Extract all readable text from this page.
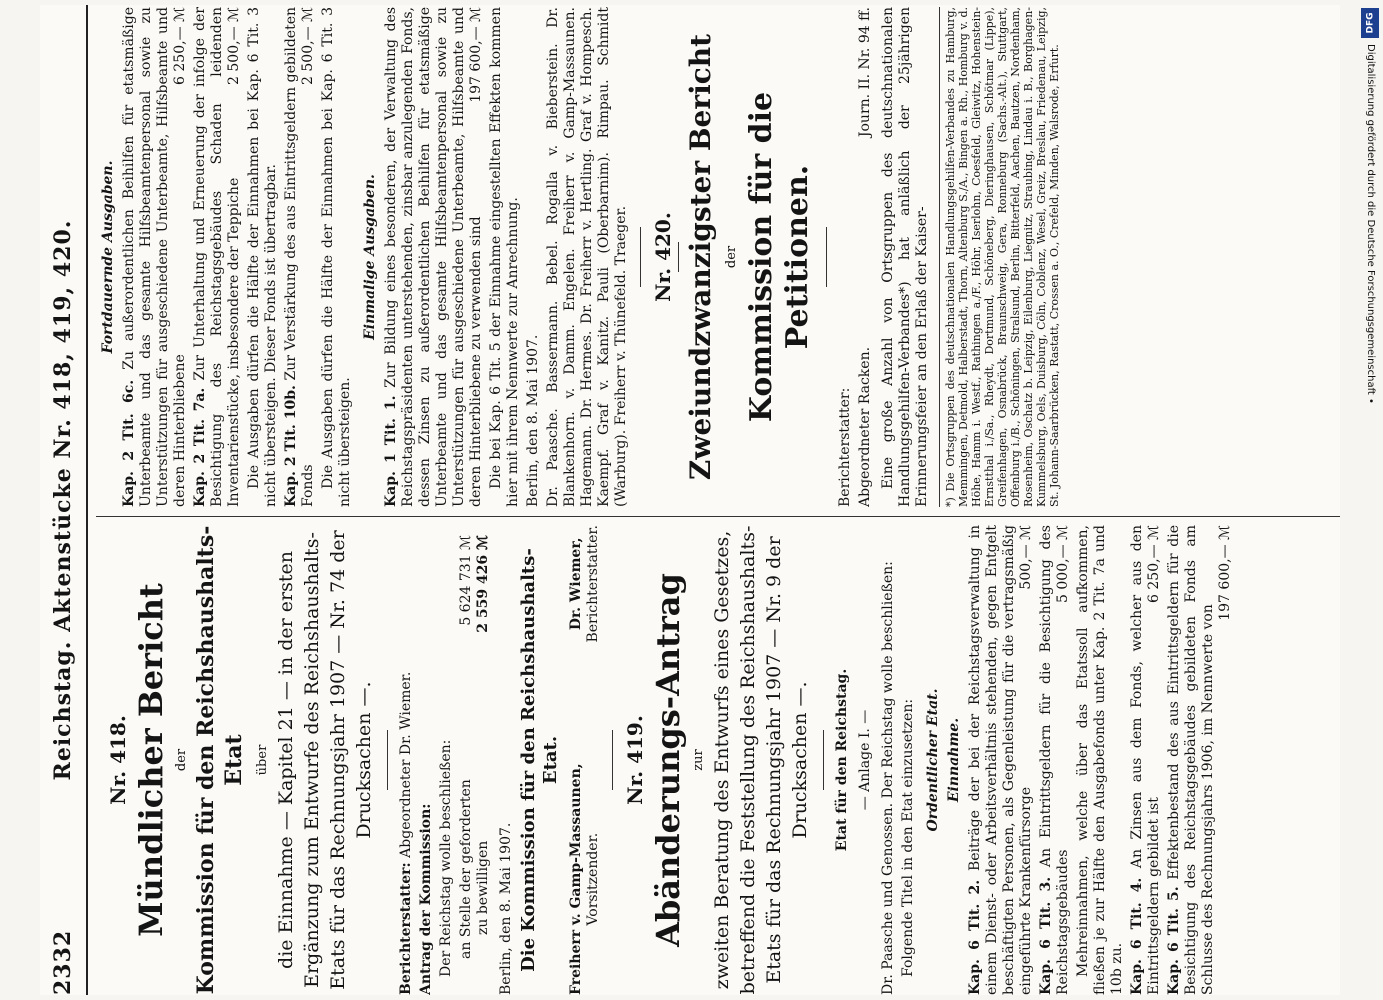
2332
Reichstag. Aktenstücke Nr. 418, 419, 420. Nr. 418. Mündlicher Bericht der Kommission für den Reichshaushalts-Etat über die Einnahme — Kapitel 21 — in der ersten Ergänzung zum Entwurfe des Reichshaushalts-Etats für das Rechnungsjahr 1907 — Nr. 74 der Drucksachen —.
Berichterstatter: Abgeordneter Dr. Wiemer.
Antrag der Kommission: Der Reichstag wolle beschließen: an Stelle der geforderten
5 624 731 ℳ
zu bewilligen
2 559 426 ℳ
Berlin, den 8. Mai 1907. Die Kommission für den Reichshaushalts-Etat.
Freiherr v. Gamp-Massaunen, Vorsitzender.
Dr. Wiemer, Berichterstatter.
Nr. 419. Abänderungs-Antrag zur zweiten Beratung des Entwurfs eines Gesetzes, betreffend die Feststellung des Reichshaushalts-Etats für das Rechnungsjahr 1907 — Nr. 9 der Drucksachen —. Etat für den Reichstag. — Anlage I. — Dr. Paasche und Genossen. Der Reichstag wolle beschließen: Folgende Titel in den Etat einzusetzen: Ordentlicher Etat. Einnahme.
Kap. 6 Tit. 2. Beiträge der bei der Reichstagsverwaltung in einem Dienst- oder Arbeitsverhältnis stehenden, gegen Entgelt beschäftigten Personen, als Gegenleistung für die vertragsmäßig eingeführte Krankenfürsorge
500,— ℳ
Kap. 6 Tit. 3. An Eintrittsgeldern für die Besichtigung des Reichstagsgebäudes
5 000,— ℳ Mehreinnahmen, welche über das Etatssoll aufkommen, fließen je zur Hälfte den Ausgabefonds unter Kap. 2 Tit. 7a und 10b zu. Kap. 6 Tit. 4. An Zinsen aus dem Fonds, welcher aus den Eintrittsgeldern gebildet ist
6 250,— ℳ
Kap. 6 Tit. 5. Effektenbestand des aus Eintrittsgeldern für die Besichtigung des Reichstagsgebäudes gebildeten Fonds am Schlusse des Rechnungsjahrs 1906, im Nennwerte von
197 600,— ℳ
Fortdauernde Ausgaben.
Kap. 2 Tit. 6c. Zu außerordentlichen Beihilfen für etatsmäßige Unterbeamte und das gesamte Hilfsbeamtenpersonal sowie zu Unterstützungen für ausgeschiedene Unterbeamte, Hilfsbeamte und deren Hinterbliebene
6 250,— ℳ
Kap. 2 Tit. 7a. Zur Unterhaltung und Erneuerung der infolge der Besichtigung des Reichstagsgebäudes Schaden leidenden Inventarienstücke, insbesondere der Teppiche
2 500,— ℳ Die Ausgaben dürfen die Hälfte der Einnahmen bei Kap. 6 Tit. 3 nicht übersteigen. Dieser Fonds ist übertragbar. Kap. 2 Tit. 10b. Zur Verstärkung des aus Eintrittsgeldern gebildeten Fonds
2 500,— ℳ Die Ausgaben dürfen die Hälfte der Einnahmen bei Kap. 6 Tit. 3 nicht übersteigen.
Einmalige Ausgaben.
Kap. 1 Tit. 1. Zur Bildung eines besonderen, der Verwaltung des Reichstagspräsidenten unterstehenden, zinsbar anzulegenden Fonds, dessen Zinsen zu außerordentlichen Beihilfen für etatsmäßige Unterbeamte und das gesamte Hilfsbeamtenpersonal sowie zu Unterstützungen für ausgeschiedene Unterbeamte, Hilfsbeamte und deren Hinterbliebene zu verwenden sind
197 600,— ℳ Die bei Kap. 6 Tit. 5 der Einnahme eingestellten Effekten kommen hier mit ihrem Nennwerte zur Anrechnung. Berlin, den 8. Mai 1907. Dr. Paasche. Bassermann. Bebel. Rogalla v. Bieberstein. Dr. Blankenhorn. v. Damm. Engelen. Freiherr v. Gamp-Massaunen. Hagemann. Dr. Hermes. Dr. Freiherr v. Hertling. Graf v. Hompesch. Kaempf. Graf v. Kanitz. Pauli (Oberbarnim). Rimpau. Schmidt (Warburg). Freiherr v. Thünefeld. Traeger. Nr. 420. Zweiundzwanzigster Bericht der Kommission für die Petitionen.
Berichterstatter: Abgeordneter Racken.
Journ. II. Nr. 94 ff. Eine große Anzahl von Ortsgruppen des deutschnationalen Handlungsgehilfen-Verbandes*) hat anläßlich der 25jährigen Erinnerungsfeier an den Erlaß der Kaiser-	*) Die Ortsgruppen des deutschnationalen Handlungsgehilfen-Verbandes zu Hamburg, Memmingen, Detmold, Halberstadt, Thorn, Altenburg S./A., Bingen a. Rh., Homburg v. d. Höhe, Hamm i. Westf., Rathingen a./F., Höhr, Iserlohn, Coesfeld, Gleiwitz, Hohenstein-Ernstthal i./Sa., Rheydt, Dortmund, Schöneberg, Dieringhausen, Schötmar (Lippe), Greifenhagen, Osnabrück, Braunschweig, Gera, Ronneburg (Sachs.-Alt.), Stuttgart, Offenburg i./B., Schöningen, Stralsund, Berlin, Bitterfeld, Aachen, Bautzen, Nordenham, Rosenheim, Oschatz b. Leipzig, Eilenburg, Liegnitz, Straubing, Lindau i. B., Borghagen-Kummelsburg, Oels, Duisburg, Cöln, Coblenz, Wesel, Greiz, Breslau, Friedenau, Leipzig, St. Johann-Saarbrücken, Rastatt, Crossen a. O., Crefeld, Minden, Walsrode, Erfurt.
DFG
Digitalisierung gefördert durch die Deutsche Forschungsgemeinschaft •
